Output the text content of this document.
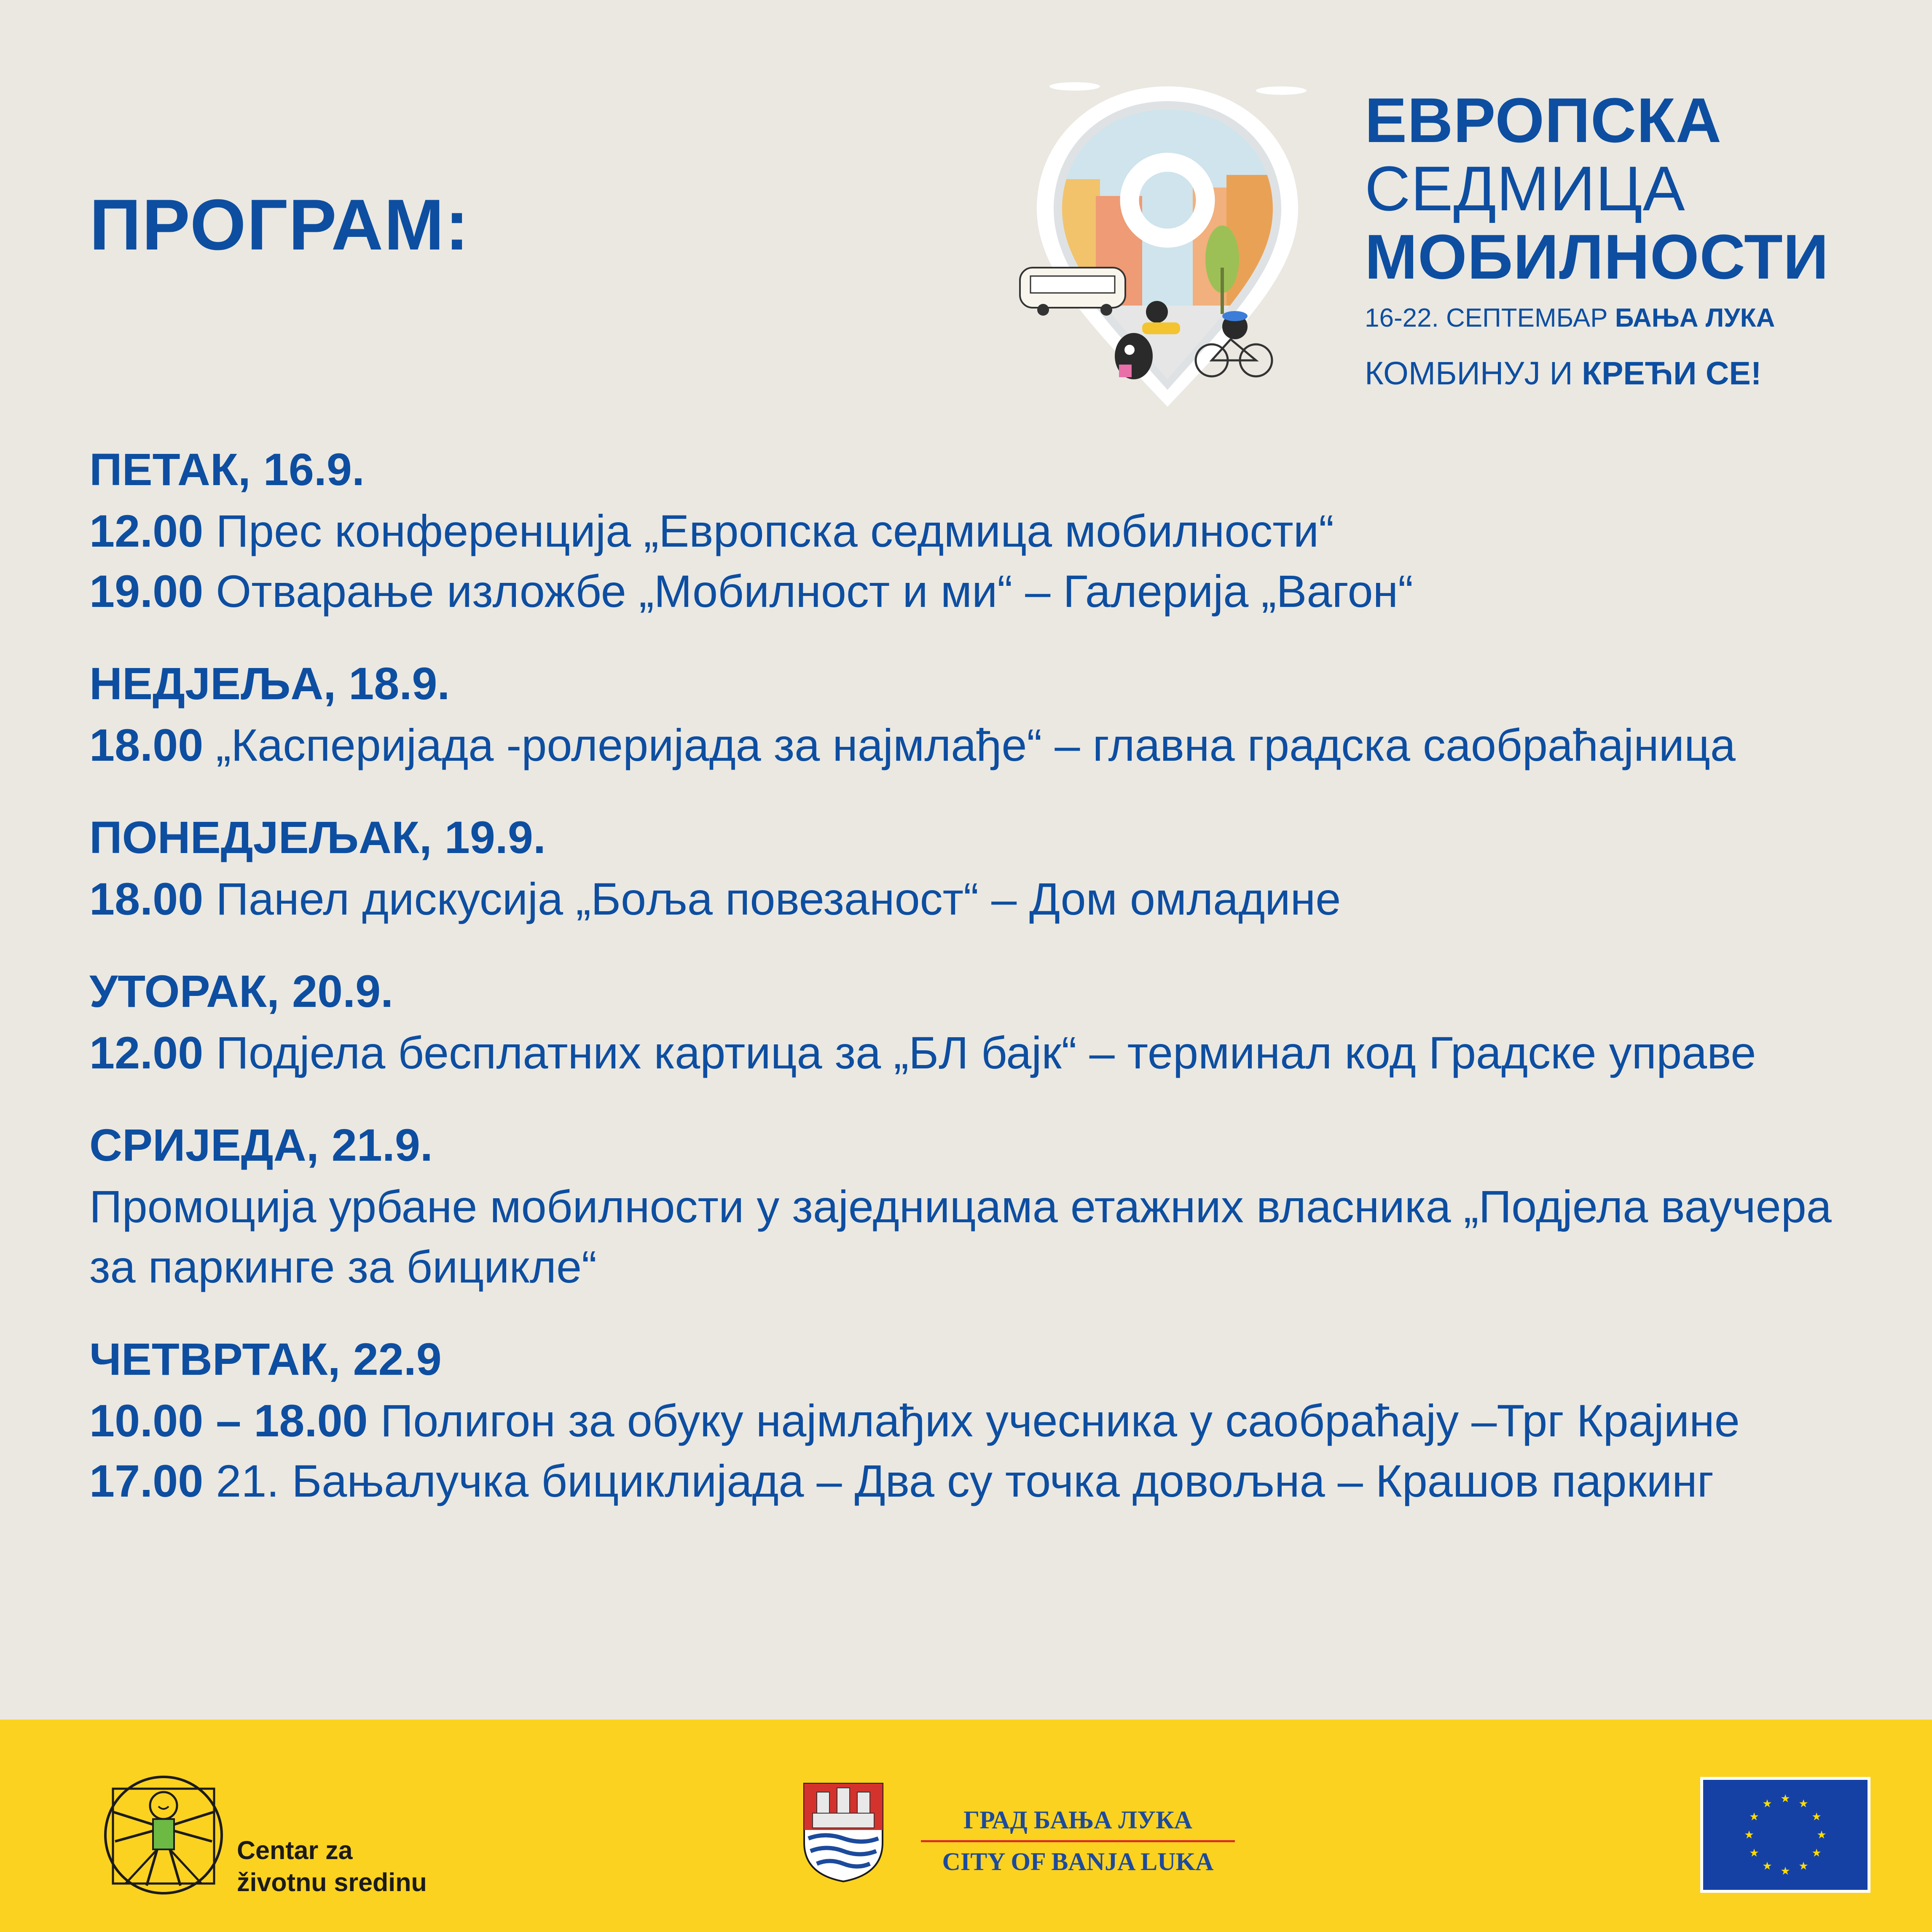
ПРОГРАМ:
ЕВРОПСКА
СЕДМИЦА
МОБИЛНОСТИ
16-22. СЕПТЕМБАР БАЊА ЛУКА
КОМБИНУЈ И КРЕЋИ СЕ!
ПЕТАК, 16.9.
12.00 Прес конференција „Европска седмица мобилности“
19.00 Отварање изложбе „Мобилност и ми“ – Галерија „Вагон“
НЕДЈЕЉА, 18.9.
18.00 „Касперијада -ролеријада за најмлађе“ – главна градска саобраћајница
ПОНЕДЈЕЉАК, 19.9.
18.00 Панел дискусија „Боља повезаност“ – Дом омладине
УТОРАК, 20.9.
12.00 Подјела бесплатних картица за „БЛ бајк“ – терминал код Градске управе
СРИЈЕДА, 21.9.
Промоција урбане мобилности у заједницама етажних власника „Подјела ваучера за паркинге за бицикле“
ЧЕТВРТАК, 22.9
10.00 – 18.00 Полигон за обуку најмлађих учесника у саобраћају –Трг Крајине
17.00 21. Бањалучка бициклијада – Два су точка довољна – Крашов паркинг
Centar za
životnu sredinu
ГРАД БАЊА ЛУКА
CITY OF BANJA LUKA
★ ★
★
★
★
★
★
★
★
★
★
★
